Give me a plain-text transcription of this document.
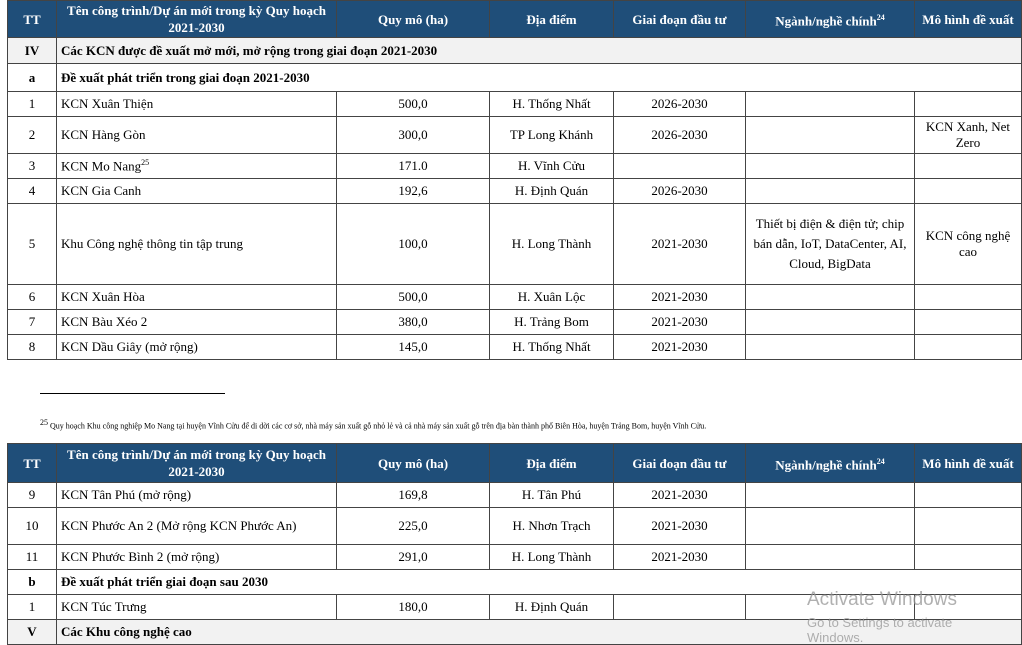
TT	Tên công trình/Dự án mới trong kỳ Quy hoạch 2021-2030	Quy mô (ha)	Địa điểm	Giai đoạn đầu tư	Ngành/nghề chính$^{24}$	Mô hình đề xuất
IV	Các KCN được đề xuất mở mới, mở rộng trong giai đoạn 2021-2030					
a	Đề xuất phát triển trong giai đoạn 2021-2030					
1	KCN Xuân Thiện	500,0	H. Thống Nhất	2026-2030		
2	KCN Hàng Gòn	300,0	TP Long Khánh	2026-2030		KCN Xanh, Net Zero
3	KCN Mo Nang$^{25}$	171.0	H. Vĩnh Cửu			
4	KCN Gia Canh	192,6	H. Định Quán	2026-2030		
5	Khu Công nghệ thông tin tập trung	100,0	H. Long Thành	2021-2030	Thiết bị điện & điện tử; chip bán dẫn, IoT, DataCenter, AI, Cloud, BigData	KCN công nghệ cao
6	KCN Xuân Hòa	500,0	H. Xuân Lộc	2021-2030		
7	KCN Bàu Xéo 2	380,0	H. Trảng Bom	2021-2030		
8	KCN Dầu Giây (mở rộng)	145,0	H. Thống Nhất	2021-2030		
$^{25}$ Quy hoạch Khu công nghiệp Mo Nang tại huyện Vĩnh Cửu để di dời các cơ sở, nhà máy sản xuất gỗ nhỏ lẻ và cả nhà máy sản xuất gỗ trên địa bàn thành phố Biên Hòa, huyện Trảng Bom, huyện Vĩnh Cửu.
TT	Tên công trình/Dự án mới trong kỳ Quy hoạch 2021-2030	Quy mô (ha)	Địa điểm	Giai đoạn đầu tư	Ngành/nghề chính$^{24}$	Mô hình đề xuất
9	KCN Tân Phú (mở rộng)	169,8	H. Tân Phú	2021-2030		
10	KCN Phước An 2 (Mở rộng KCN Phước An)	225,0	H. Nhơn Trạch	2021-2030		
11	KCN Phước Bình 2 (mở rộng)	291,0	H. Long Thành	2021-2030		
b	Đề xuất phát triển giai đoạn sau 2030					
1	KCN Túc Trưng	180,0	H. Định Quán			
V	Các Khu công nghệ cao					
Activate Windows
Go to Settings to activate Windows.
